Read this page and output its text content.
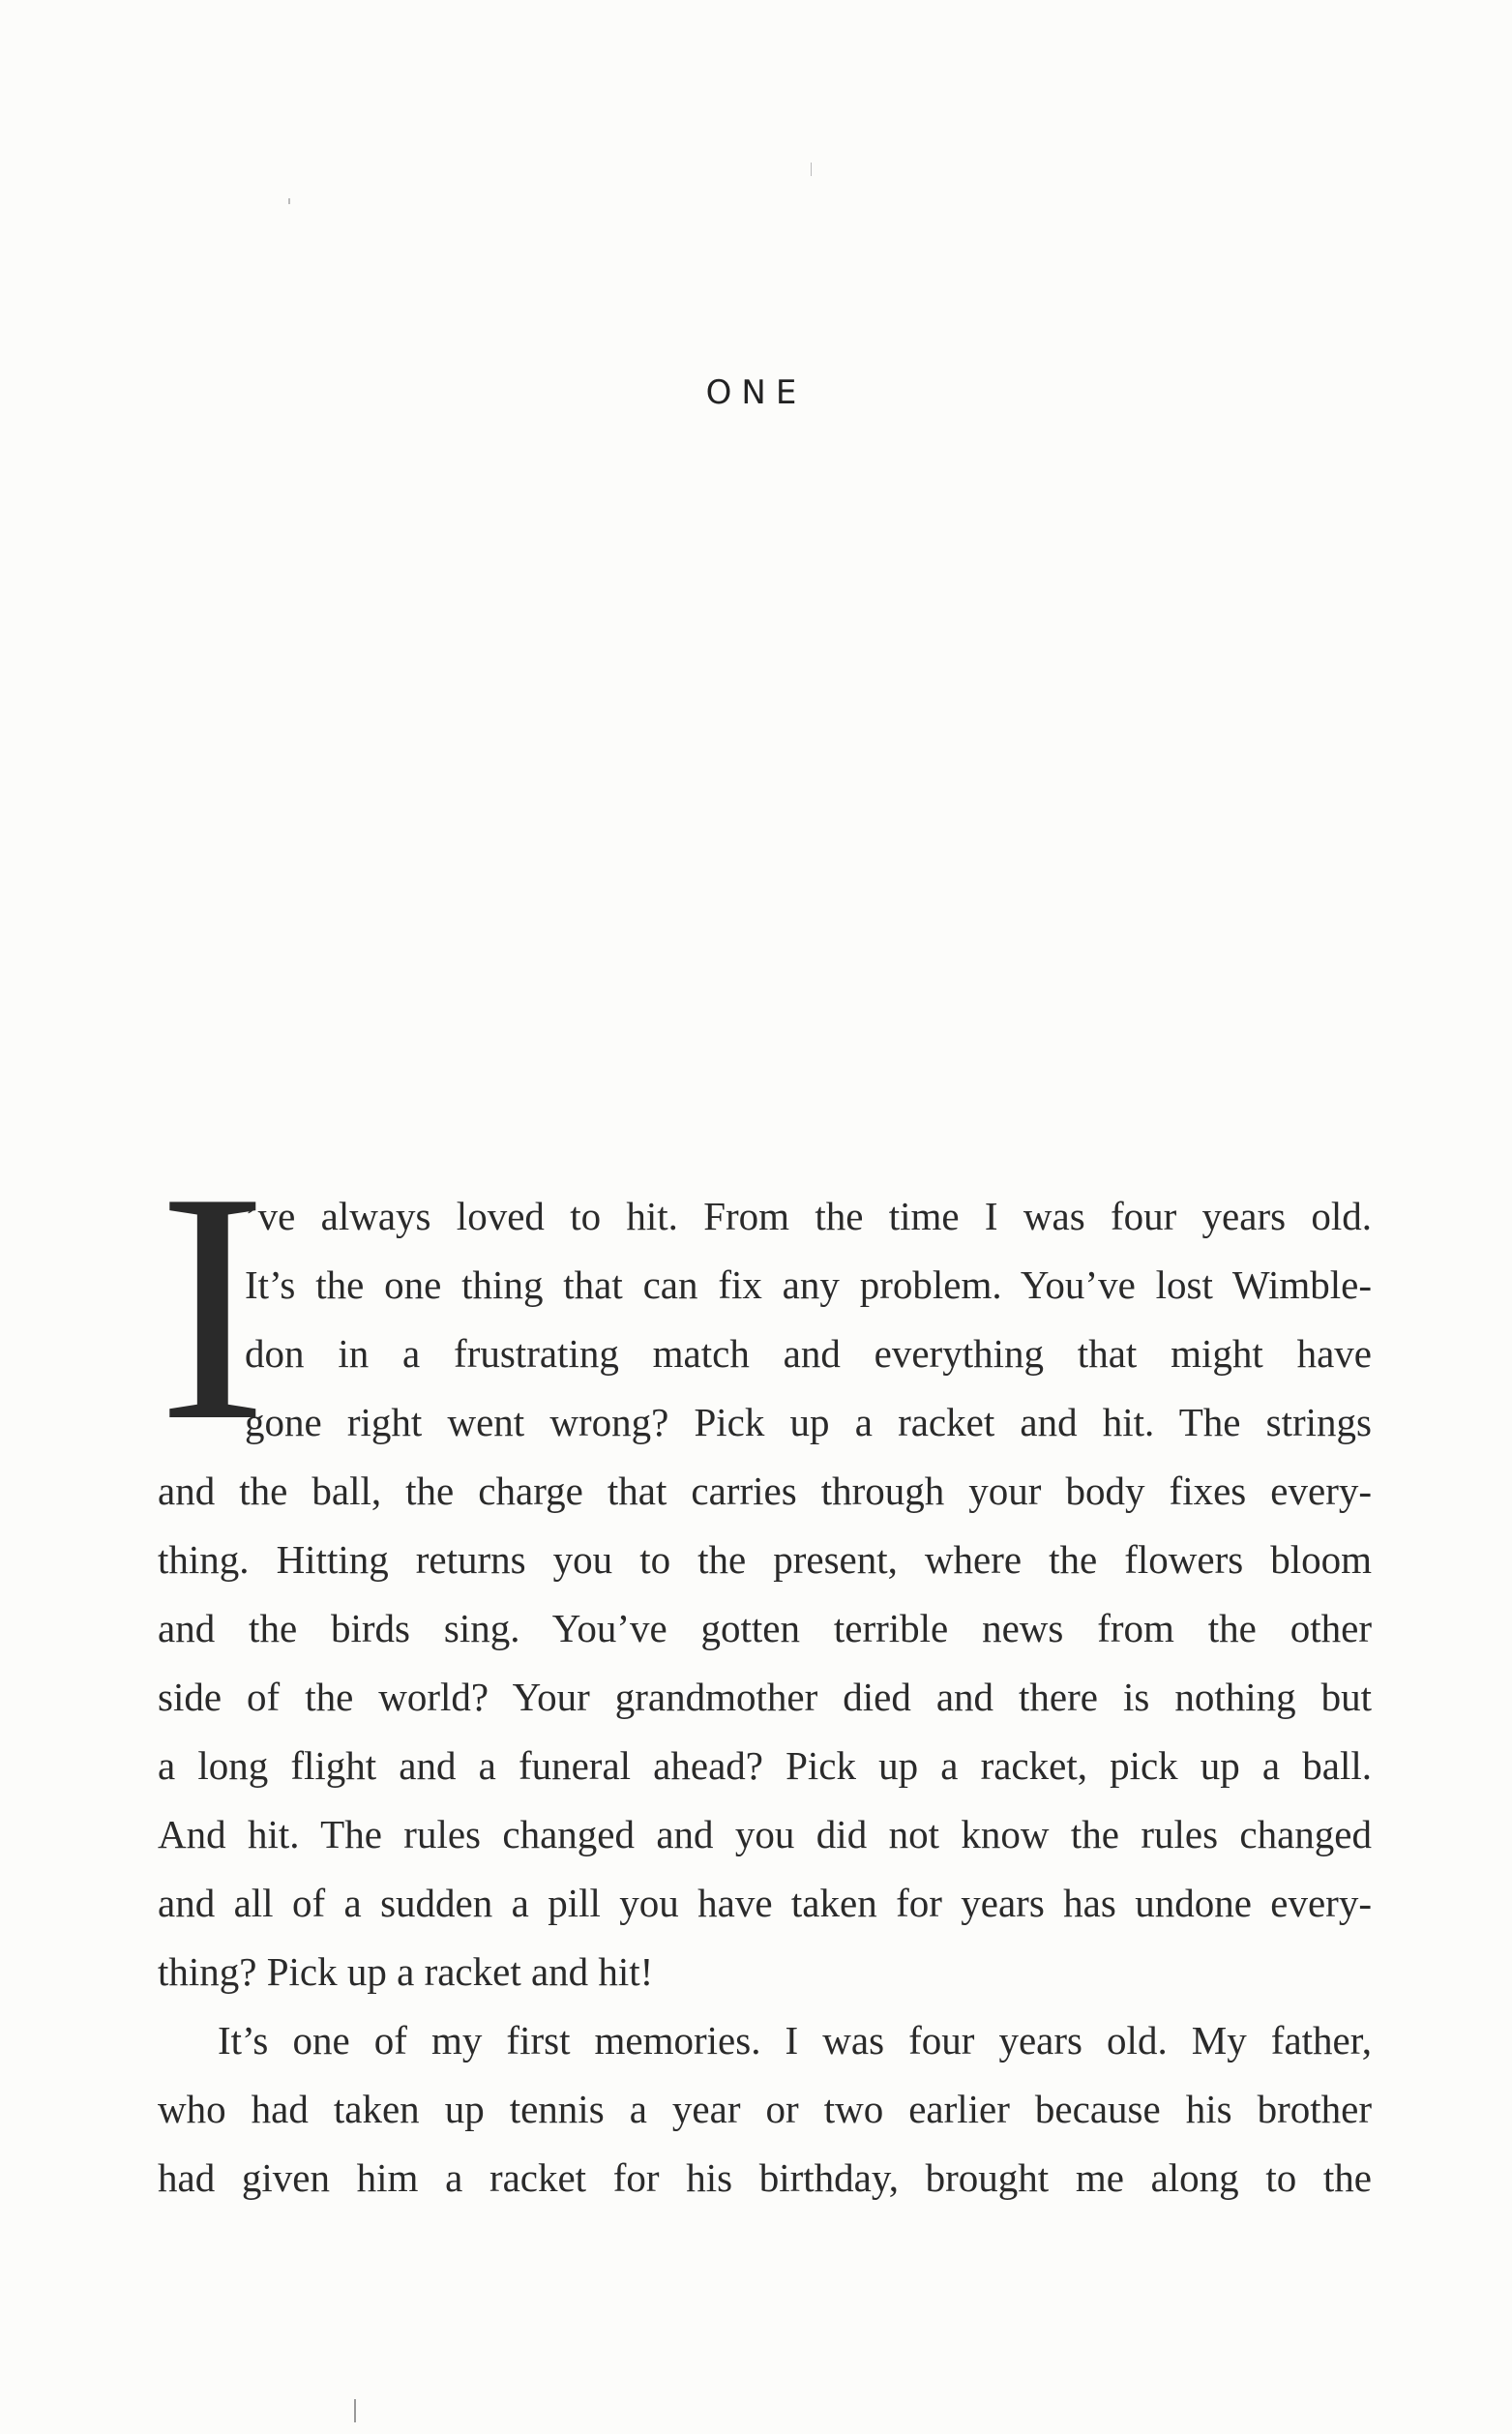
ONE
I
’ve always loved to hit. From the time I was four years old.
It’s the one thing that can fix any problem. You’ve lost Wimble-
don in a frustrating match and everything that might have
gone right went wrong? Pick up a racket and hit. The strings
and the ball, the charge that carries through your body fixes every-
thing. Hitting returns you to the present, where the flowers bloom
and the birds sing. You’ve gotten terrible news from the other
side of the world? Your grandmother died and there is nothing but
a long flight and a funeral ahead? Pick up a racket, pick up a ball.
And hit. The rules changed and you did not know the rules changed
and all of a sudden a pill you have taken for years has undone every-
thing? Pick up a racket and hit!
It’s one of my first memories. I was four years old. My father,
who had taken up tennis a year or two earlier because his brother
had given him a racket for his birthday, brought me along to the
